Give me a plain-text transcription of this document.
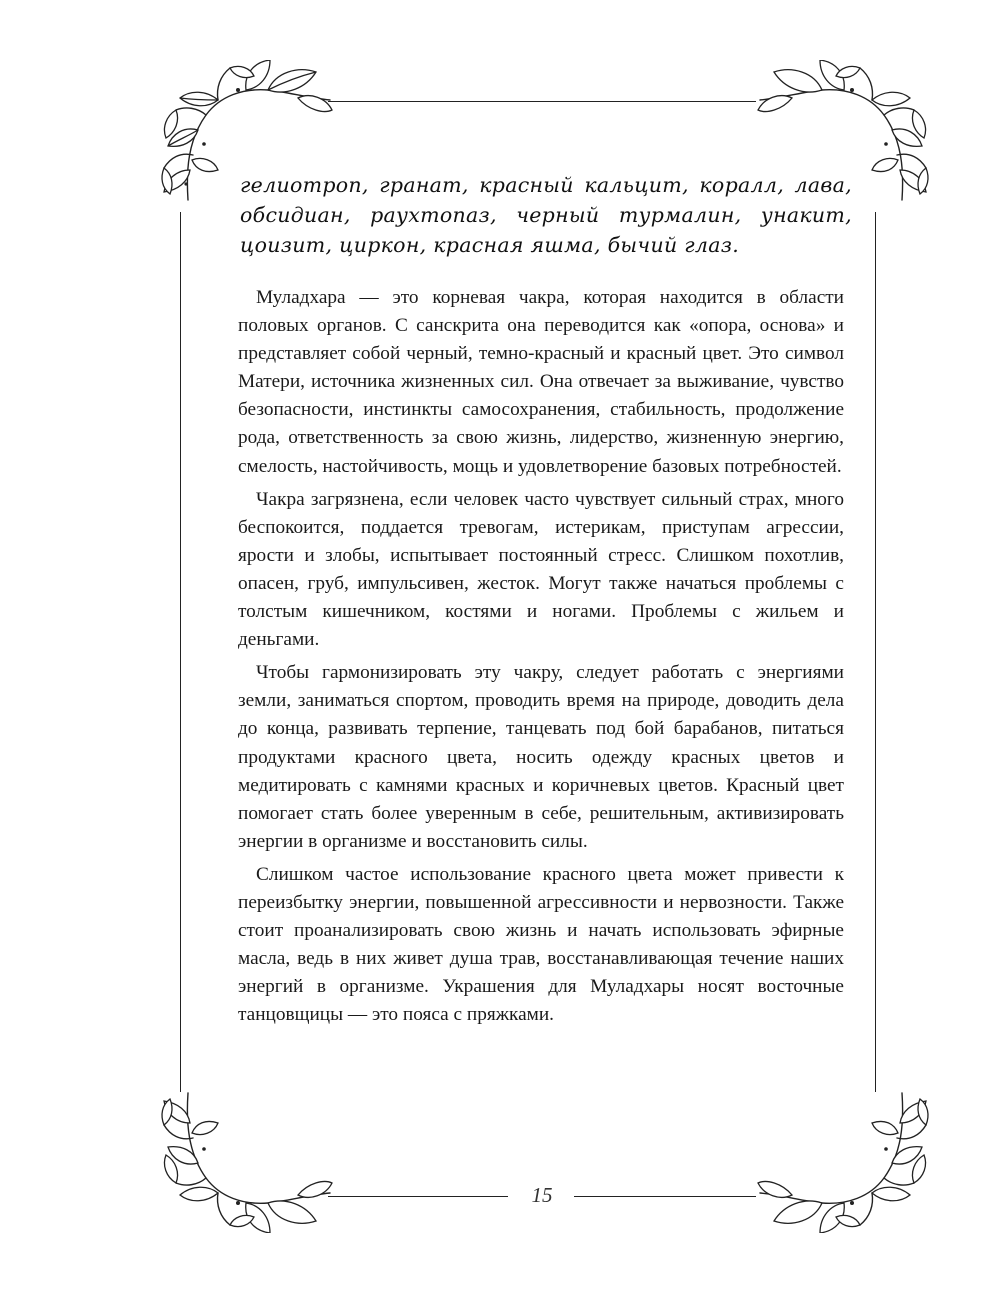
гелиотроп, гранат, красный кальцит, коралл, лава, обсидиан, раухтопаз, черный турмалин, унакит, цоизит, циркон, красная яшма, бычий глаз.

Муладхара — это корневая чакра, которая находится в области половых органов. С санскрита она переводится как «опора, основа» и представляет собой черный, темно-красный и красный цвет. Это символ Матери, источника жизненных сил. Она отвечает за выживание, чувство безопасности, инстинкты самосохранения, стабильность, продолжение рода, ответственность за свою жизнь, лидерство, жизненную энергию, смелость, настойчивость, мощь и удовлетворение базовых потребностей.

Чакра загрязнена, если человек часто чувствует сильный страх, много беспокоится, поддается тревогам, истерикам, приступам агрессии, ярости и злобы, испытывает постоянный стресс. Слишком похотлив, опасен, груб, импульсивен, жесток. Могут также начаться проблемы с толстым кишечником, костями и ногами. Проблемы с жильем и деньгами.

Чтобы гармонизировать эту чакру, следует работать с энергиями земли, заниматься спортом, проводить время на природе, доводить дела до конца, развивать терпение, танцевать под бой барабанов, питаться продуктами красного цвета, носить одежду красных цветов и медитировать с камнями красных и коричневых цветов. Красный цвет помогает стать более уверенным в себе, решительным, активизировать энергии в организме и восстановить силы.

Слишком частое использование красного цвета может привести к переизбытку энергии, повышенной агрессивности и нервозности. Также стоит проанализировать свою жизнь и начать использовать эфирные масла, ведь в них живет душа трав, восстанавливающая течение наших энергий в организме. Украшения для Муладхары носят восточные танцовщицы — это пояса с пряжками.

15
